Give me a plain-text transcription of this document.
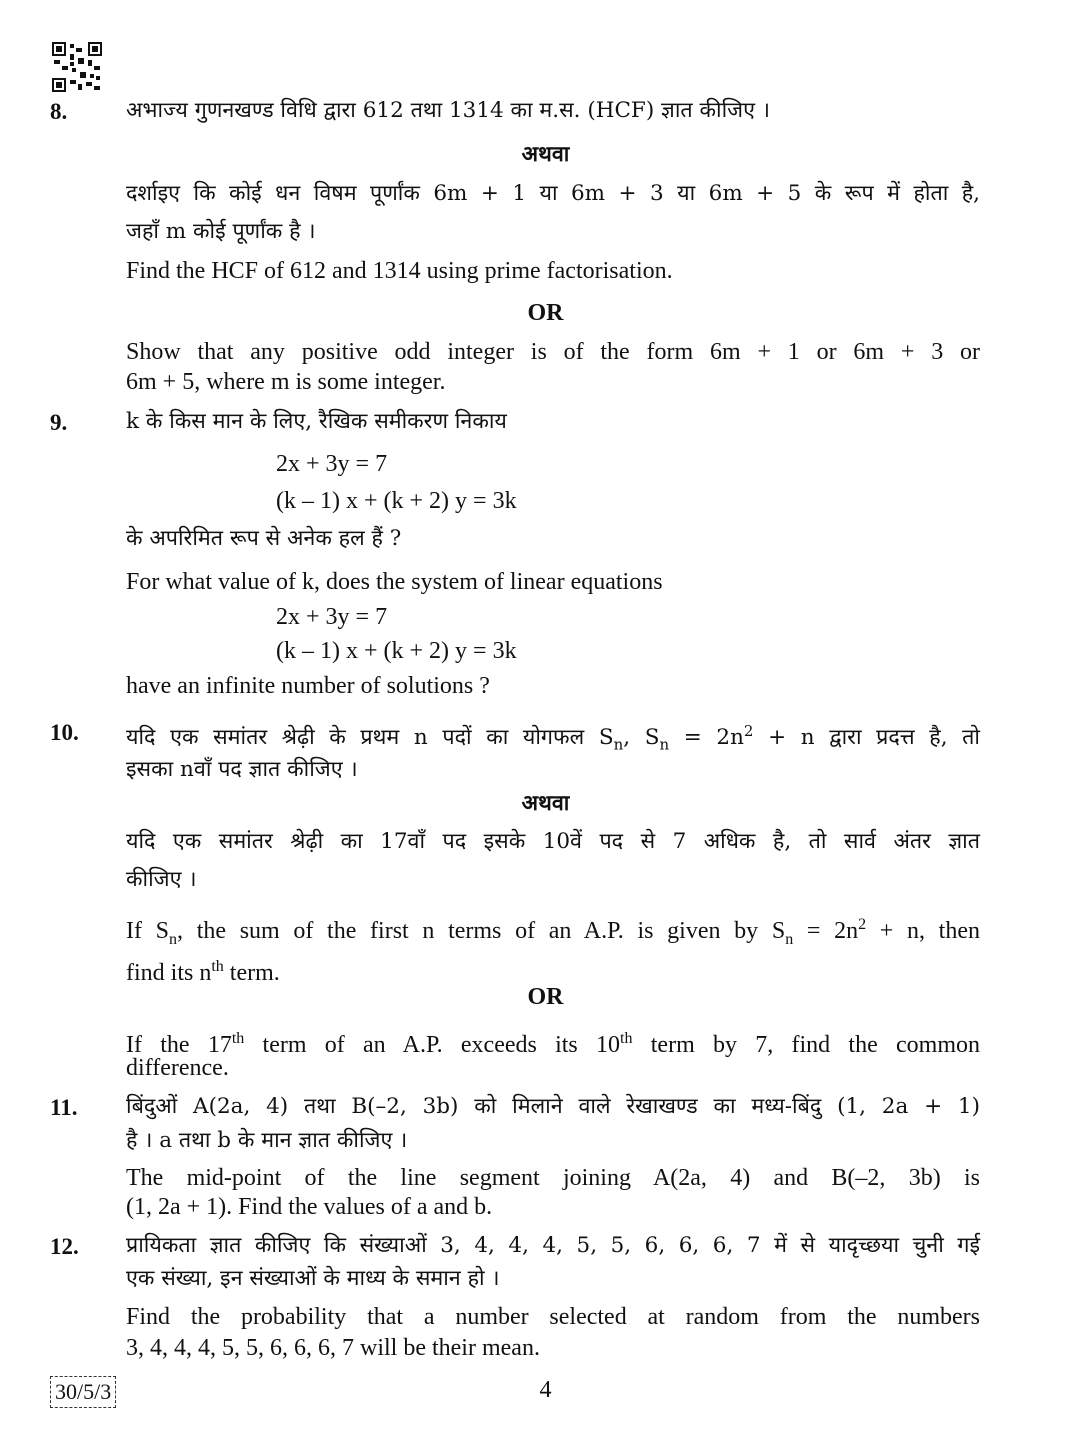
8.	अभाज्य गुणनखण्ड विधि द्वारा 612 तथा 1314 का म.स. (HCF) ज्ञात कीजिए ।
अथवा
दर्शाइए कि कोई धन विषम पूर्णांक 6m + 1 या 6m + 3 या 6m + 5 के रूप में होता है,
जहाँ m कोई पूर्णांक है ।
Find the HCF of 612 and 1314 using prime factorisation.
OR
Show that any positive odd integer is of the form 6m + 1 or 6m + 3 or
6m + 5, where m is some integer.
9.	k के किस मान के लिए, रैखिक समीकरण निकाय
2x + 3y = 7
(k – 1) x + (k + 2) y = 3k
के अपरिमित रूप से अनेक हल हैं ?
For what value of k, does the system of linear equations
2x + 3y = 7
(k – 1) x + (k + 2) y = 3k
have an infinite number of solutions ?
10. यदि एक समांतर श्रेढ़ी के प्रथम n पदों का योगफल $S_n$, $S_n = 2n^2 + n$ द्वारा प्रदत्त है, तो
इसका nवाँ पद ज्ञात कीजिए ।
अथवा
यदि एक समांतर श्रेढ़ी का 17वाँ पद इसके 10वें पद से 7 अधिक है, तो सार्व अंतर ज्ञात
कीजिए ।
If $S_n$, the sum of the first n terms of an A.P. is given by $S_n = 2n^2 + n$, then
find its $n^{th}$ term.
OR
If the 17th term of an A.P. exceeds its 10th term by 7, find the common
difference.
11. बिंदुओं A(2a, 4) तथा B(–2, 3b) को मिलाने वाले रेखाखण्ड का मध्य-बिंदु (1, 2a + 1)
है । a तथा b के मान ज्ञात कीजिए ।
The mid-point of the line segment joining A(2a, 4) and B(–2, 3b) is
(1, 2a + 1). Find the values of a and b.
12. प्रायिकता ज्ञात कीजिए कि संख्याओं 3, 4, 4, 4, 5, 5, 6, 6, 6, 7 में से यादृच्छया चुनी गई
एक संख्या, इन संख्याओं के माध्य के समान हो ।
Find the probability that a number selected at random from the numbers
3, 4, 4, 4, 5, 5, 6, 6, 6, 7 will be their mean.
30/5/3	4
